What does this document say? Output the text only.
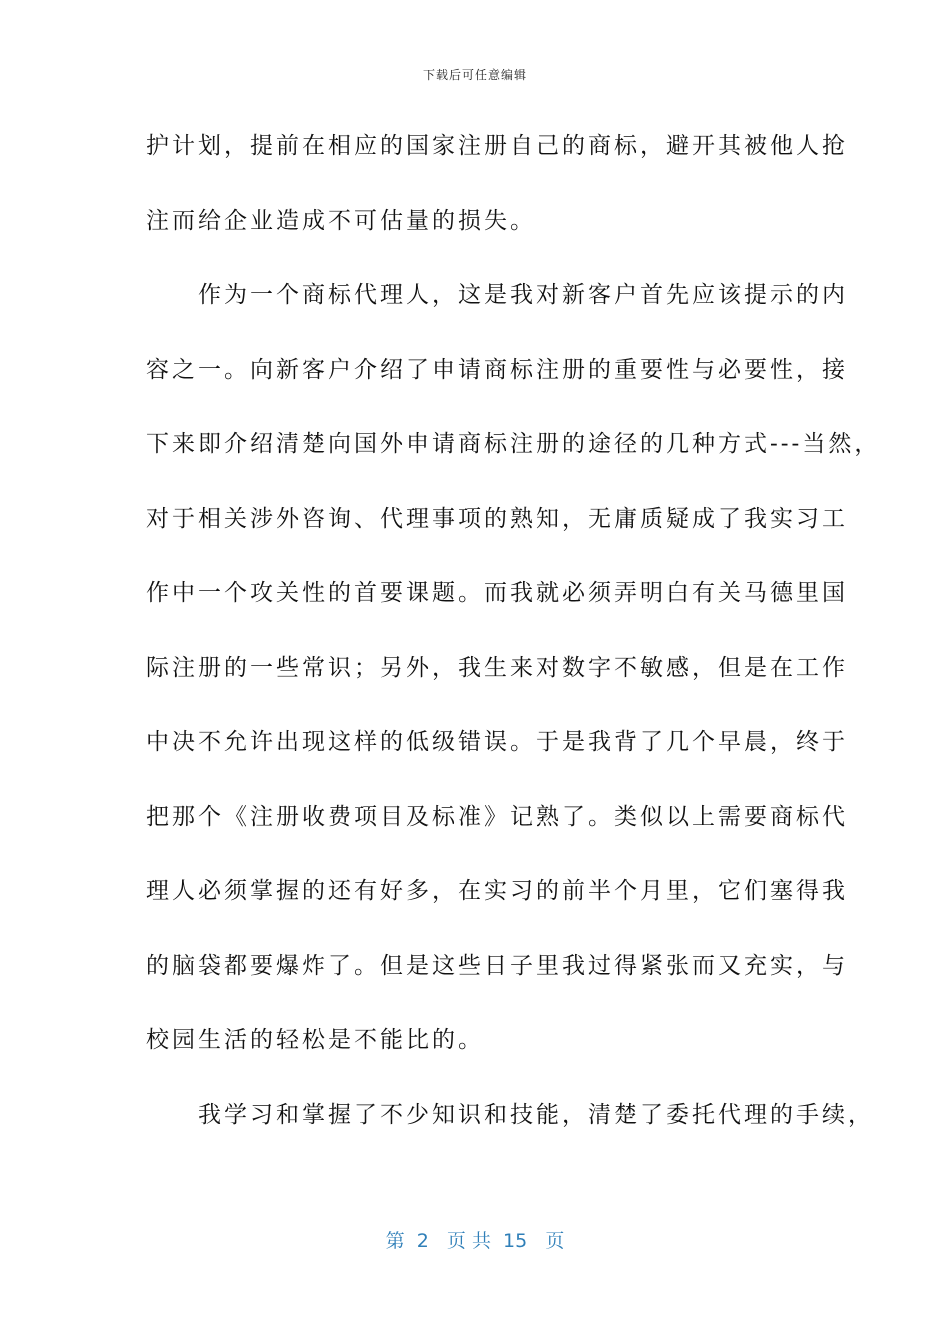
下载后可任意编辑
护计划，提前在相应的国家注册自己的商标，避开其被他人抢
注而给企业造成不可估量的损失。
　　作为一个商标代理人，这是我对新客户首先应该提示的内
容之一。向新客户介绍了申请商标注册的重要性与必要性，接
下来即介绍清楚向国外申请商标注册的途径的几种方式---当然，
对于相关涉外咨询、代理事项的熟知，无庸质疑成了我实习工
作中一个攻关性的首要课题。而我就必须弄明白有关马德里国
际注册的一些常识；另外，我生来对数字不敏感，但是在工作
中决不允许出现这样的低级错误。于是我背了几个早晨，终于
把那个《注册收费项目及标准》记熟了。类似以上需要商标代
理人必须掌握的还有好多，在实习的前半个月里，它们塞得我
的脑袋都要爆炸了。但是这些日子里我过得紧张而又充实，与
校园生活的轻松是不能比的。
　　我学习和掌握了不少知识和技能，清楚了委托代理的手续，
第  2   页 共  15   页
